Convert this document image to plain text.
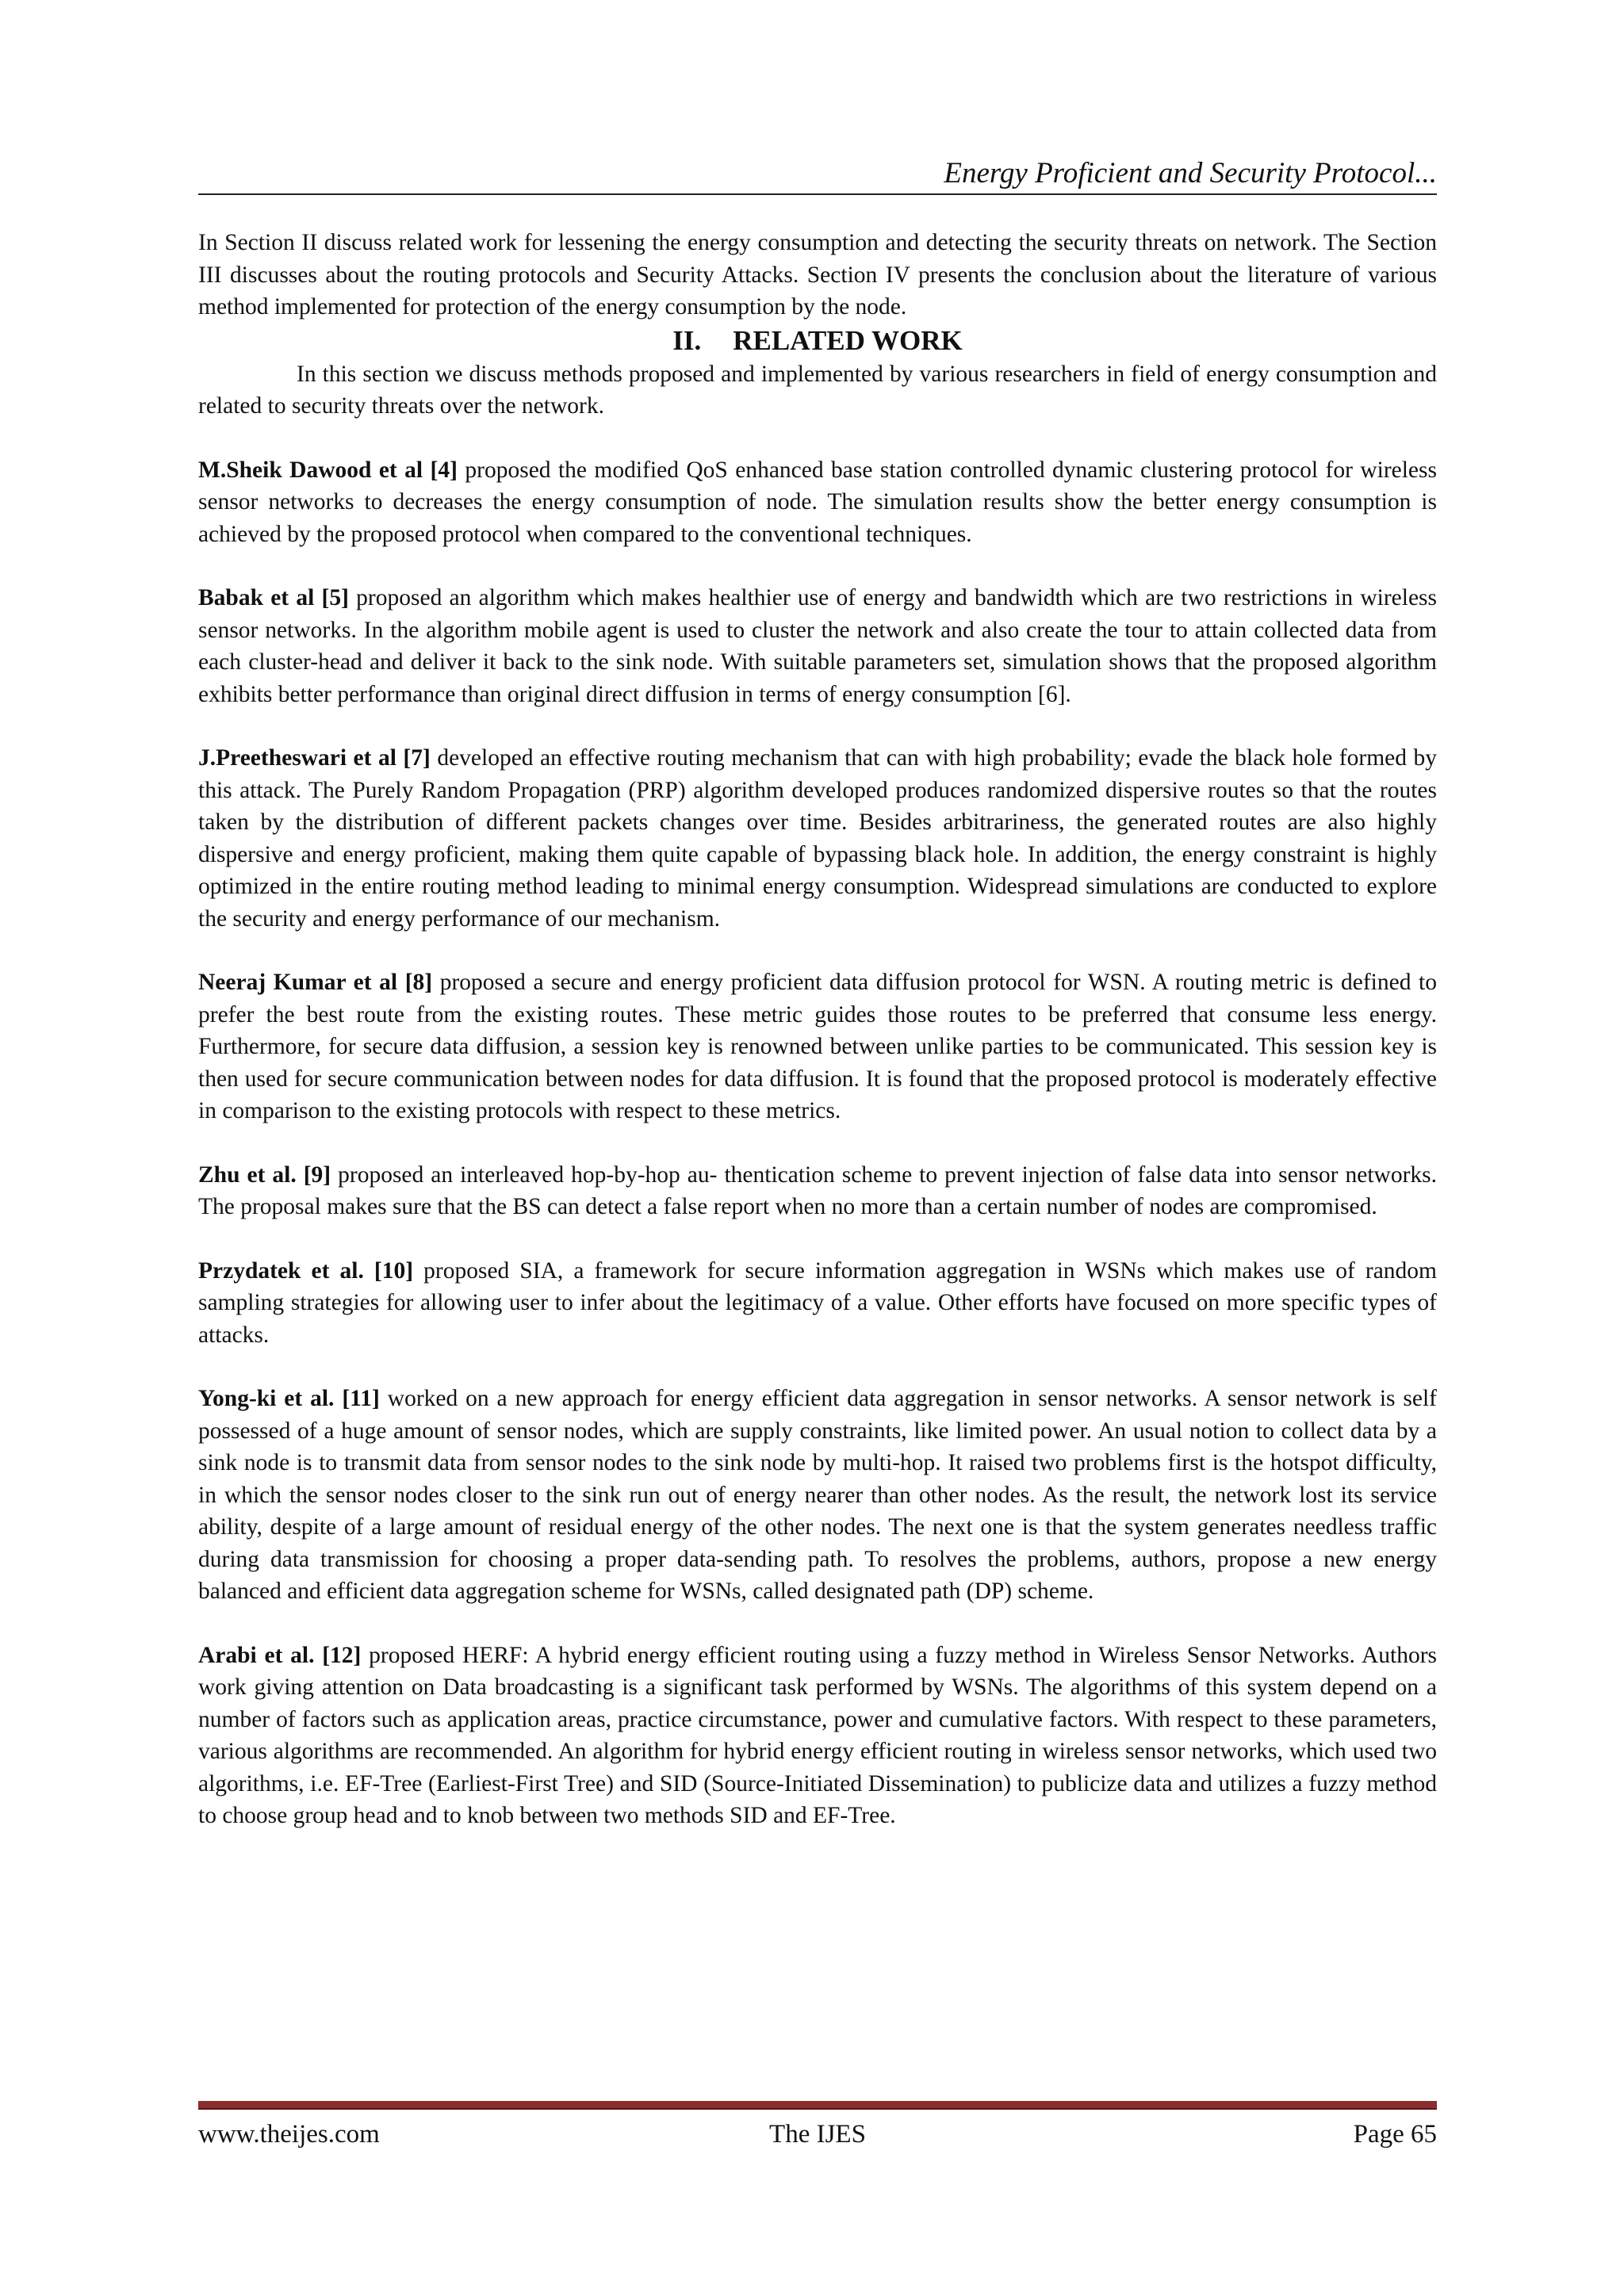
Energy Proficient and Security Protocol...

In Section II discuss related work for lessening the energy consumption and detecting the security threats on network. The Section III discusses about the routing protocols and Security Attacks. Section IV presents the conclusion about the literature of various method implemented for protection of the energy consumption by the node.

II. RELATED WORK

In this section we discuss methods proposed and implemented by various researchers in field of energy consumption and related to security threats over the network.

M.Sheik Dawood et al [4] proposed the modified QoS enhanced base station controlled dynamic clustering protocol for wireless sensor networks to decreases the energy consumption of node. The simulation results show the better energy consumption is achieved by the proposed protocol when compared to the conventional techniques.

Babak et al [5] proposed an algorithm which makes healthier use of energy and bandwidth which are two restrictions in wireless sensor networks. In the algorithm mobile agent is used to cluster the network and also create the tour to attain collected data from each cluster-head and deliver it back to the sink node. With suitable parameters set, simulation shows that the proposed algorithm exhibits better performance than original direct diffusion in terms of energy consumption [6].

J.Preetheswari et al [7] developed an effective routing mechanism that can with high probability; evade the black hole formed by this attack. The Purely Random Propagation (PRP) algorithm developed produces randomized dispersive routes so that the routes taken by the distribution of different packets changes over time. Besides arbitrariness, the generated routes are also highly dispersive and energy proficient, making them quite capable of bypassing black hole. In addition, the energy constraint is highly optimized in the entire routing method leading to minimal energy consumption. Widespread simulations are conducted to explore the security and energy performance of our mechanism.

Neeraj Kumar et al [8] proposed a secure and energy proficient data diffusion protocol for WSN. A routing metric is defined to prefer the best route from the existing routes. These metric guides those routes to be preferred that consume less energy. Furthermore, for secure data diffusion, a session key is renowned between unlike parties to be communicated. This session key is then used for secure communication between nodes for data diffusion. It is found that the proposed protocol is moderately effective in comparison to the existing protocols with respect to these metrics.

Zhu et al. [9] proposed an interleaved hop-by-hop au- thentication scheme to prevent injection of false data into sensor networks. The proposal makes sure that the BS can detect a false report when no more than a certain number of nodes are compromised.

Przydatek et al. [10] proposed SIA, a framework for secure information aggregation in WSNs which makes use of random sampling strategies for allowing user to infer about the legitimacy of a value. Other efforts have focused on more specific types of attacks.

Yong-ki et al. [11] worked on a new approach for energy efficient data aggregation in sensor networks. A sensor network is self possessed of a huge amount of sensor nodes, which are supply constraints, like limited power. An usual notion to collect data by a sink node is to transmit data from sensor nodes to the sink node by multi-hop. It raised two problems first is the hotspot difficulty, in which the sensor nodes closer to the sink run out of energy nearer than other nodes. As the result, the network lost its service ability, despite of a large amount of residual energy of the other nodes. The next one is that the system generates needless traffic during data transmission for choosing a proper data-sending path. To resolves the problems, authors, propose a new energy balanced and efficient data aggregation scheme for WSNs, called designated path (DP) scheme.

Arabi et al. [12] proposed HERF: A hybrid energy efficient routing using a fuzzy method in Wireless Sensor Networks. Authors work giving attention on Data broadcasting is a significant task performed by WSNs. The algorithms of this system depend on a number of factors such as application areas, practice circumstance, power and cumulative factors. With respect to these parameters, various algorithms are recommended. An algorithm for hybrid energy efficient routing in wireless sensor networks, which used two algorithms, i.e. EF-Tree (Earliest-First Tree) and SID (Source-Initiated Dissemination) to publicize data and utilizes a fuzzy method to choose group head and to knob between two methods SID and EF-Tree.

www.theijes.com	The IJES	Page 65
